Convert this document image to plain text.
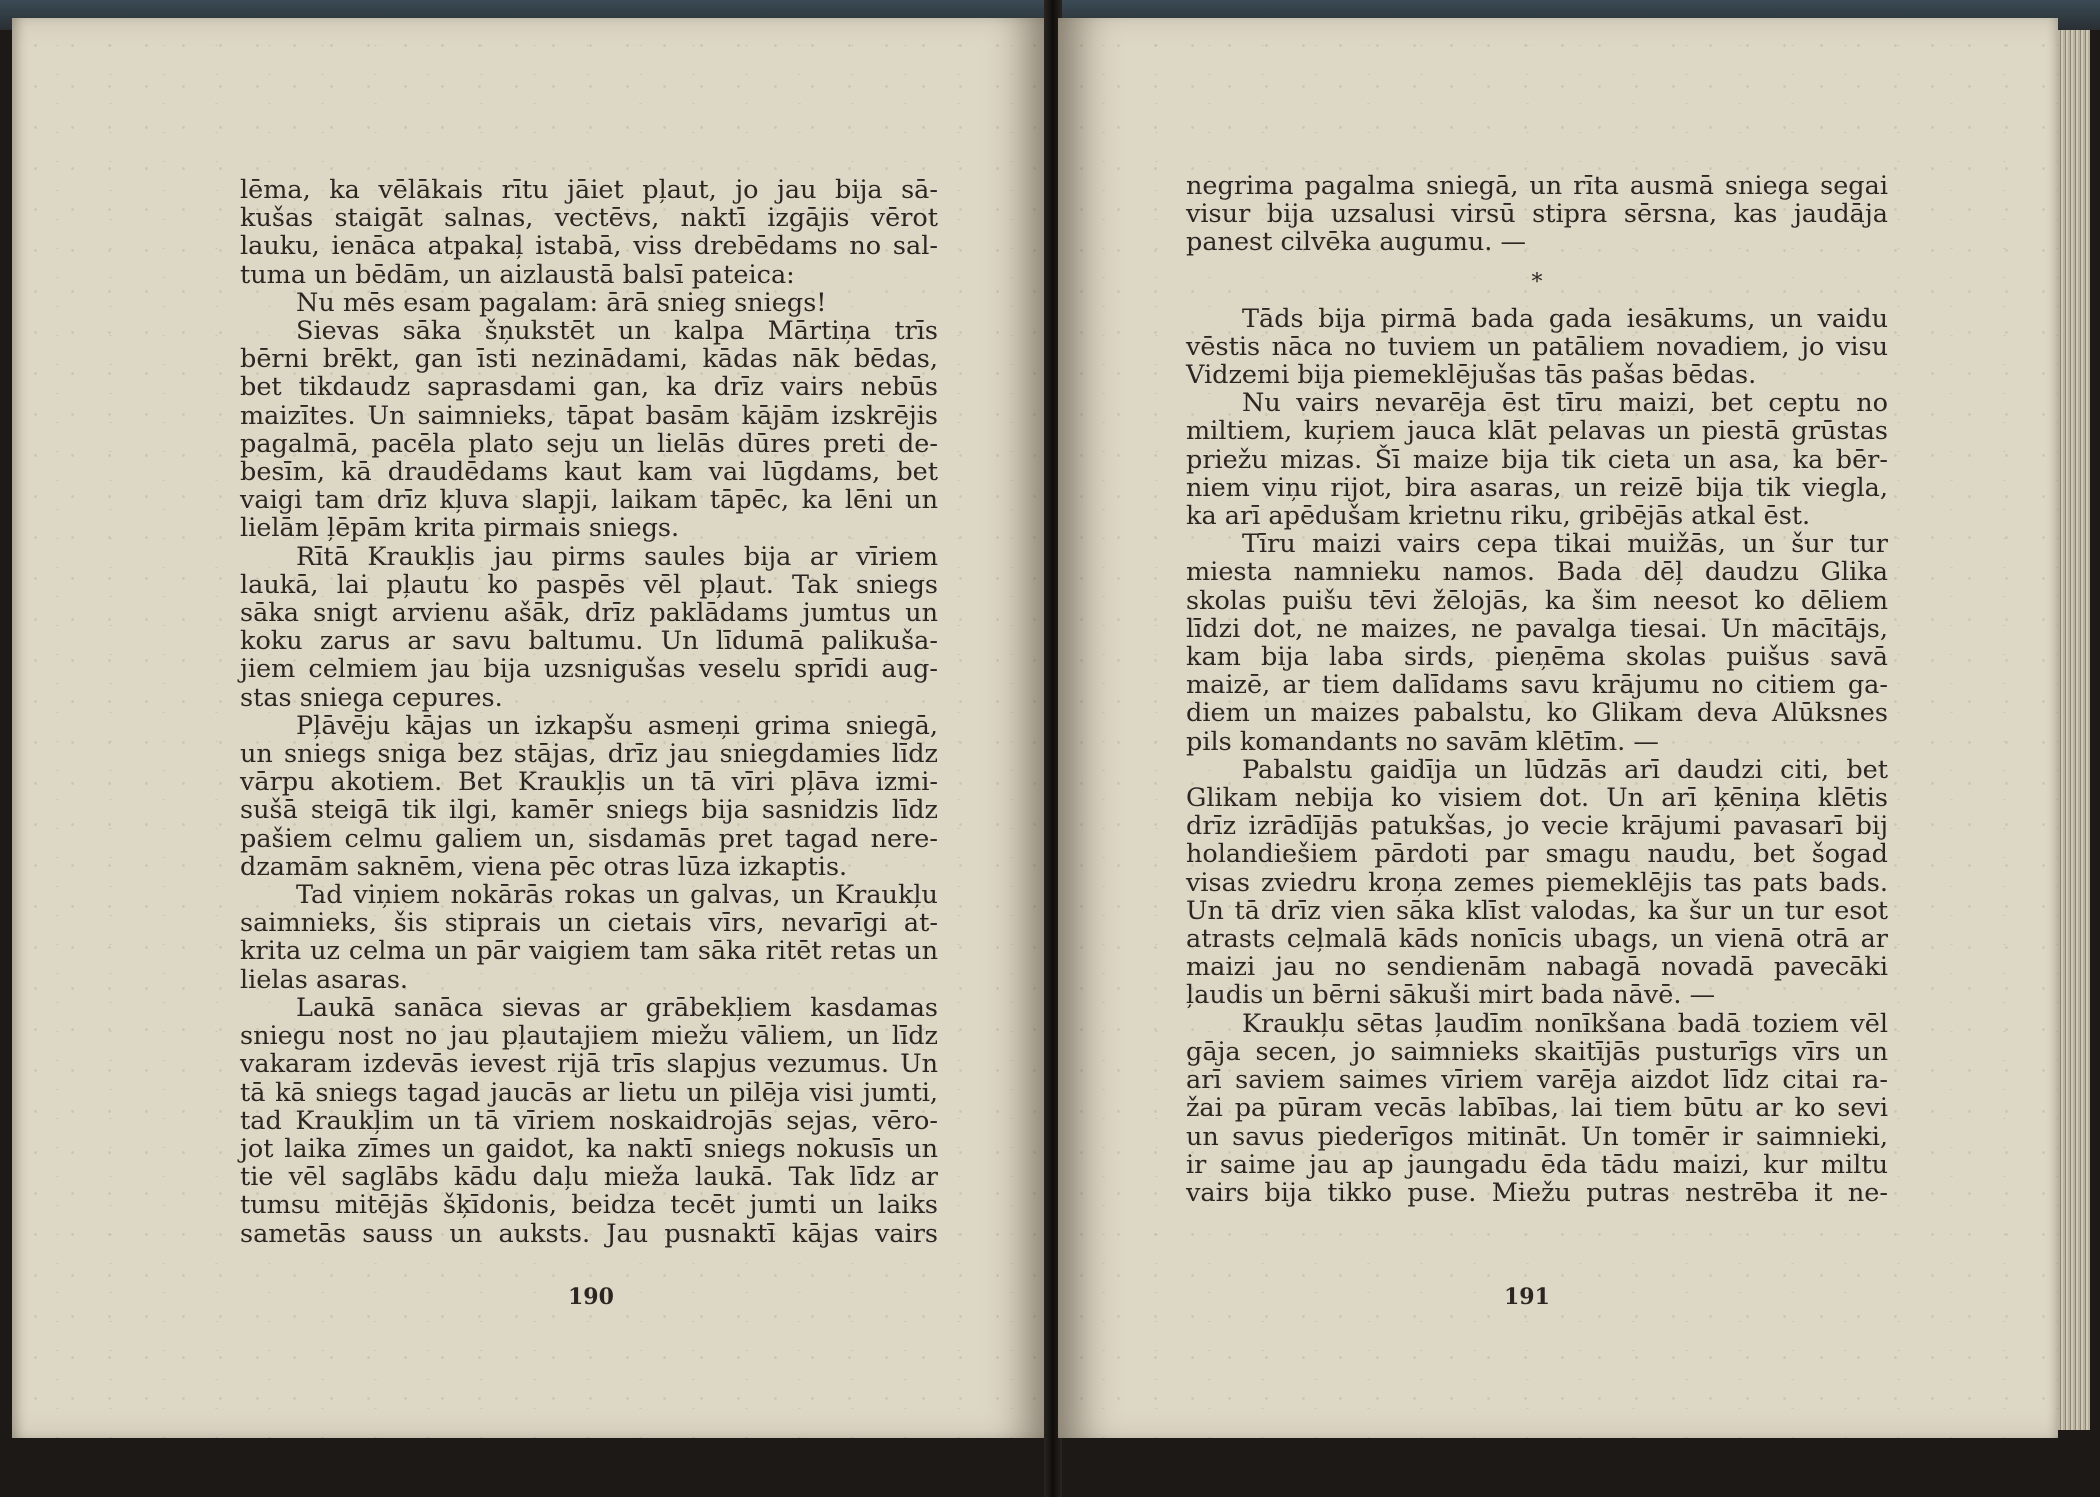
lēma, ka vēlākais rītu jāiet pļaut, jo jau bija sā-
kušas staigāt salnas, vectēvs, naktī izgājis vērot
lauku, ienāca atpakaļ istabā, viss drebēdams no sal-
tuma un bēdām, un aizlaustā balsī pateica:
Nu mēs esam pagalam: ārā snieg sniegs!
Sievas sāka šņukstēt un kalpa Mārtiņa trīs
bērni brēkt, gan īsti nezinādami, kādas nāk bēdas,
bet tikdaudz saprasdami gan, ka drīz vairs nebūs
maizītes. Un saimnieks, tāpat basām kājām izskrējis
pagalmā, pacēla plato seju un lielās dūres preti de-
besīm, kā draudēdams kaut kam vai lūgdams, bet
vaigi tam drīz kļuva slapji, laikam tāpēc, ka lēni un
lielām ļēpām krita pirmais sniegs.
Rītā Kraukļis jau pirms saules bija ar vīriem
laukā, lai pļautu ko paspēs vēl pļaut. Tak sniegs
sāka snigt arvienu ašāk, drīz paklādams jumtus un
koku zarus ar savu baltumu. Un līdumā palikuša-
jiem celmiem jau bija uzsnigušas veselu sprīdi aug-
stas sniega cepures.
Pļāvēju kājas un izkapšu asmeņi grima sniegā,
un sniegs sniga bez stājas, drīz jau sniegdamies līdz
vārpu akotiem. Bet Kraukļis un tā vīri pļāva izmi-
sušā steigā tik ilgi, kamēr sniegs bija sasnidzis līdz
pašiem celmu galiem un, sisdamās pret tagad nere-
dzamām saknēm, viena pēc otras lūza izkaptis.
Tad viņiem nokārās rokas un galvas, un Kraukļu
saimnieks, šis stiprais un cietais vīrs, nevarīgi at-
krita uz celma un pār vaigiem tam sāka ritēt retas un
lielas asaras.
Laukā sanāca sievas ar grābekļiem kasdamas
sniegu nost no jau pļautajiem miežu vāliem, un līdz
vakaram izdevās ievest rijā trīs slapjus vezumus. Un
tā kā sniegs tagad jaucās ar lietu un pilēja visi jumti,
tad Kraukļim un tā vīriem noskaidrojās sejas, vēro-
jot laika zīmes un gaidot, ka naktī sniegs nokusīs un
tie vēl saglābs kādu daļu mieža laukā. Tak līdz ar
tumsu mitējās šķīdonis, beidza tecēt jumti un laiks
sametās sauss un auksts. Jau pusnaktī kājas vairs
190
negrima pagalma sniegā, un rīta ausmā sniega segai
visur bija uzsalusi virsū stipra sērsna, kas jaudāja
panest cilvēka augumu. —
*
Tāds bija pirmā bada gada iesākums, un vaidu
vēstis nāca no tuviem un patāliem novadiem, jo visu
Vidzemi bija piemeklējušas tās pašas bēdas.
Nu vairs nevarēja ēst tīru maizi, bet ceptu no
miltiem, kuŗiem jauca klāt pelavas un piestā grūstas
priežu mizas. Šī maize bija tik cieta un asa, ka bēr-
niem viņu rijot, bira asaras, un reizē bija tik viegla,
ka arī apēdušam krietnu riku, gribējās atkal ēst.
Tīru maizi vairs cepa tikai muižās, un šur tur
miesta namnieku namos. Bada dēļ daudzu Glika
skolas puišu tēvi žēlojās, ka šim neesot ko dēliem
līdzi dot, ne maizes, ne pavalga tiesai. Un mācītājs,
kam bija laba sirds, pieņēma skolas puišus savā
maizē, ar tiem dalīdams savu krājumu no citiem ga-
diem un maizes pabalstu, ko Glikam deva Alūksnes
pils komandants no savām klētīm. —
Pabalstu gaidīja un lūdzās arī daudzi citi, bet
Glikam nebija ko visiem dot. Un arī ķēniņa klētis
drīz izrādījās patukšas, jo vecie krājumi pavasarī bij
holandiešiem pārdoti par smagu naudu, bet šogad
visas zviedru kroņa zemes piemeklējis tas pats bads.
Un tā drīz vien sāka klīst valodas, ka šur un tur esot
atrasts ceļmalā kāds nonīcis ubags, un vienā otrā ar
maizi jau no sendienām nabagā novadā pavecāki
ļaudis un bērni sākuši mirt bada nāvē. —
Kraukļu sētas ļaudīm nonīkšana badā tοziem vēl
gāja secen, jo saimnieks skaitījās pusturīgs vīrs un
arī saviem saimes vīriem varēja aizdot līdz citai ra-
žai pa pūram vecās labības, lai tiem būtu ar ko sevi
un savus piederīgos mitināt. Un tomēr ir saimnieki,
ir saime jau ap jaungadu ēda tādu maizi, kur miltu
vairs bija tikko puse. Miežu putras nestrēba it ne-
191
